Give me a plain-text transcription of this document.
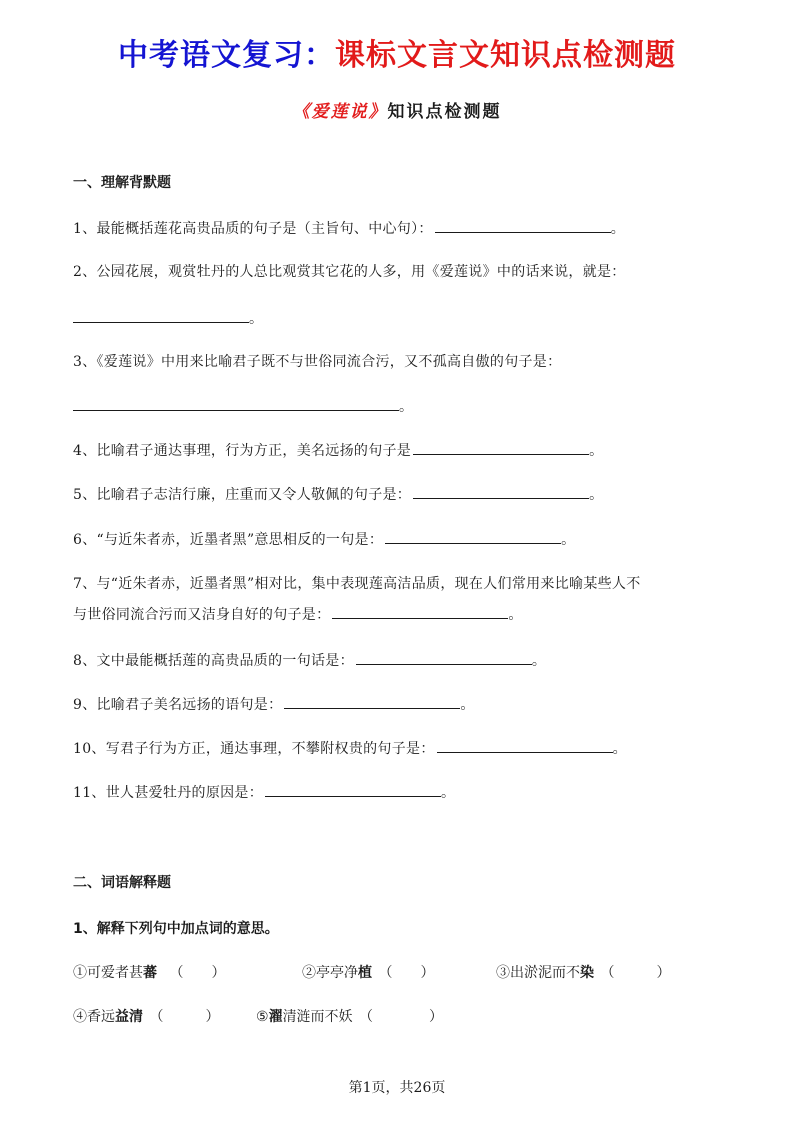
中考语文复习：课标文言文知识点检测题
《爱莲说》知识点检测题
一、理解背默题
1、最能概括莲花高贵品质的句子是（主旨句、中心句）：	。
2、公园花展，观赏牡丹的人总比观赏其它花的人多，用《爱莲说》中的话来说，就是：
。
3、《爱莲说》中用来比喻君子既不与世俗同流合污，又不孤高自傲的句子是：
。
4、比喻君子通达事理，行为方正，美名远扬的句子是	。
5、比喻君子志洁行廉，庄重而又令人敬佩的句子是：	。
6、“与近朱者赤，近墨者黑”意思相反的一句是：	。
7、与“近朱者赤，近墨者黑”相对比，集中表现莲高洁品质，现在人们常用来比喻某些人不
与世俗同流合污而又洁身自好的句子是：	。
8、文中最能概括莲的高贵品质的一句话是：	。
9、比喻君子美名远扬的语句是：	。
10、写君子行为方正，通达事理，不攀附权贵的句子是：	。
11、世人甚爱牡丹的原因是：	。
二、词语解释题
1、解释下列句中加点词的意思。
①可爱者甚蕃 （　　）	②亭亭净植 （　　）	③出淤泥而不染 （　　　）
④香远益清 （　　　）	⑤濯清涟而不妖 （　　　　）
第1页，共26页
